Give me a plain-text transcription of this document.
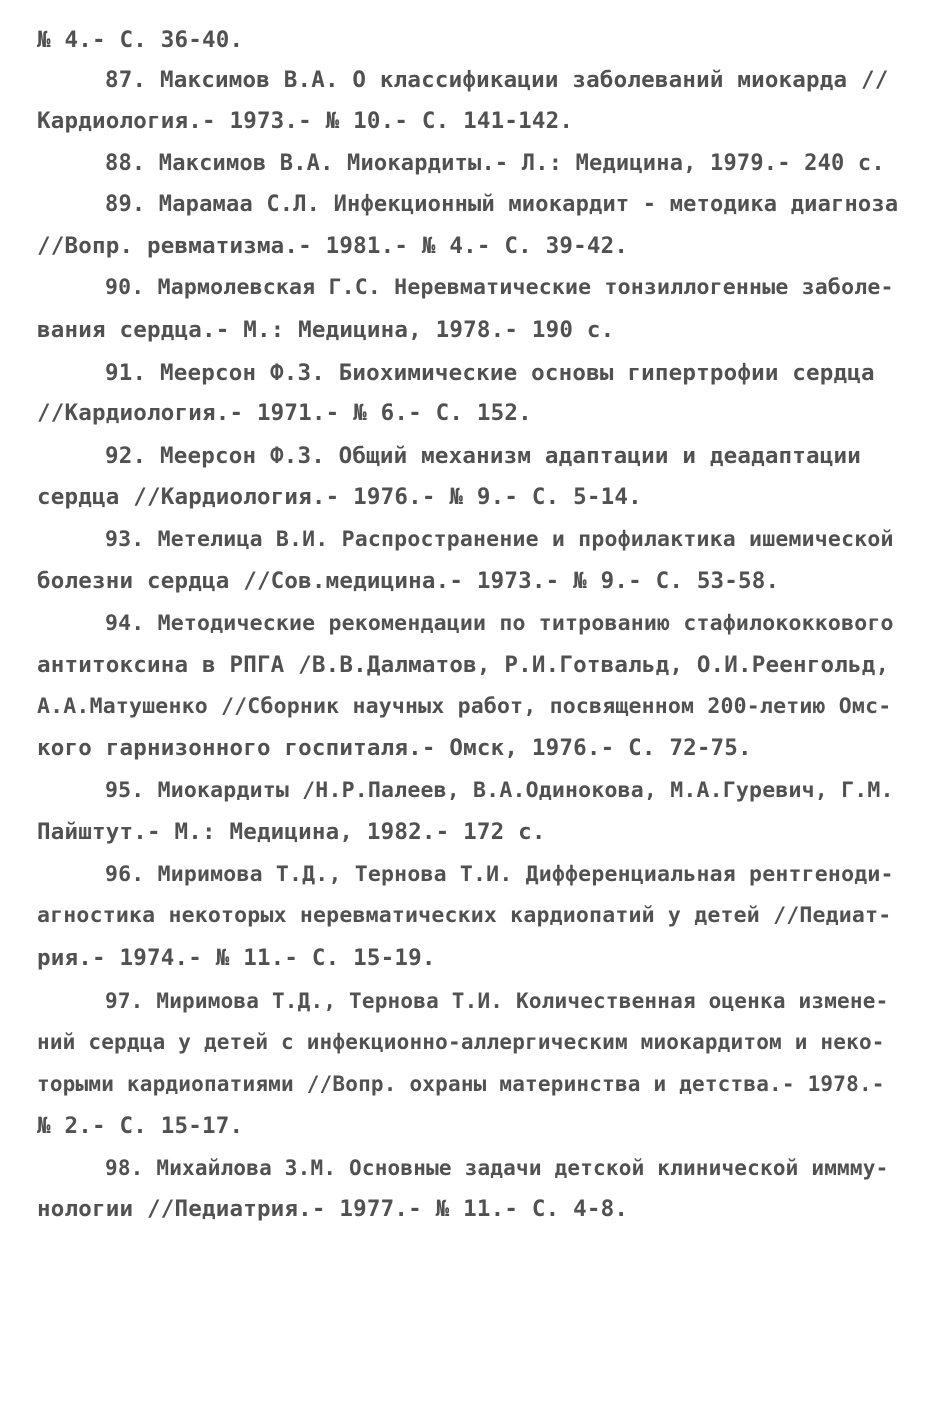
№ 4.- С. 36-40.
87. Максимов В.А. О классификации заболеваний миокарда //
Кардиология.- 1973.- № 10.- С. 141-142.
88. Максимов В.А. Миокардиты.- Л.: Медицина, 1979.- 240 с.
89. Марамаа С.Л. Инфекционный миокардит - методика диагноза
//Вопр. ревматизма.- 1981.- № 4.- С. 39-42.
90. Мармолевская Г.С. Неревматические тонзиллогенные заболе-
вания сердца.- М.: Медицина, 1978.- 190 с.
91. Меерсон Ф.З. Биохимические основы гипертрофии сердца
//Кардиология.- 1971.- № 6.- С. 152.
92. Меерсон Ф.З. Общий механизм адаптации и деадаптации
сердца //Кардиология.- 1976.- № 9.- С. 5-14.
93. Метелица В.И. Распространение и профилактика ишемической
болезни сердца //Сов.медицина.- 1973.- № 9.- С. 53-58.
94. Методические рекомендации по титрованию стафилококкового
антитоксина в РПГА /В.В.Далматов, Р.И.Готвальд, О.И.Реенгольд,
А.А.Матушенко //Сборник научных работ, посвященном 200-летию Омс-
кого гарнизонного госпиталя.- Омск, 1976.- С. 72-75.
95. Миокардиты /Н.Р.Палеев, В.А.Одинокова, М.А.Гуревич, Г.М.
Пайштут.- М.: Медицина, 1982.- 172 с.
96. Миримова Т.Д., Тернова Т.И. Дифференциальная рентгеноди-
агностика некоторых неревматических кардиопатий у детей //Педиат-
рия.- 1974.- № 11.- С. 15-19.
97. Миримова Т.Д., Тернова Т.И. Количественная оценка измене-
ний сердца у детей с инфекционно-аллергическим миокардитом и неко-
торыми кардиопатиями //Вопр. охраны материнства и детства.- 1978.-
№ 2.- С. 15-17.
98. Михайлова З.М. Основные задачи детской клинической иммму-
нологии //Педиатрия.- 1977.- № 11.- С. 4-8.
